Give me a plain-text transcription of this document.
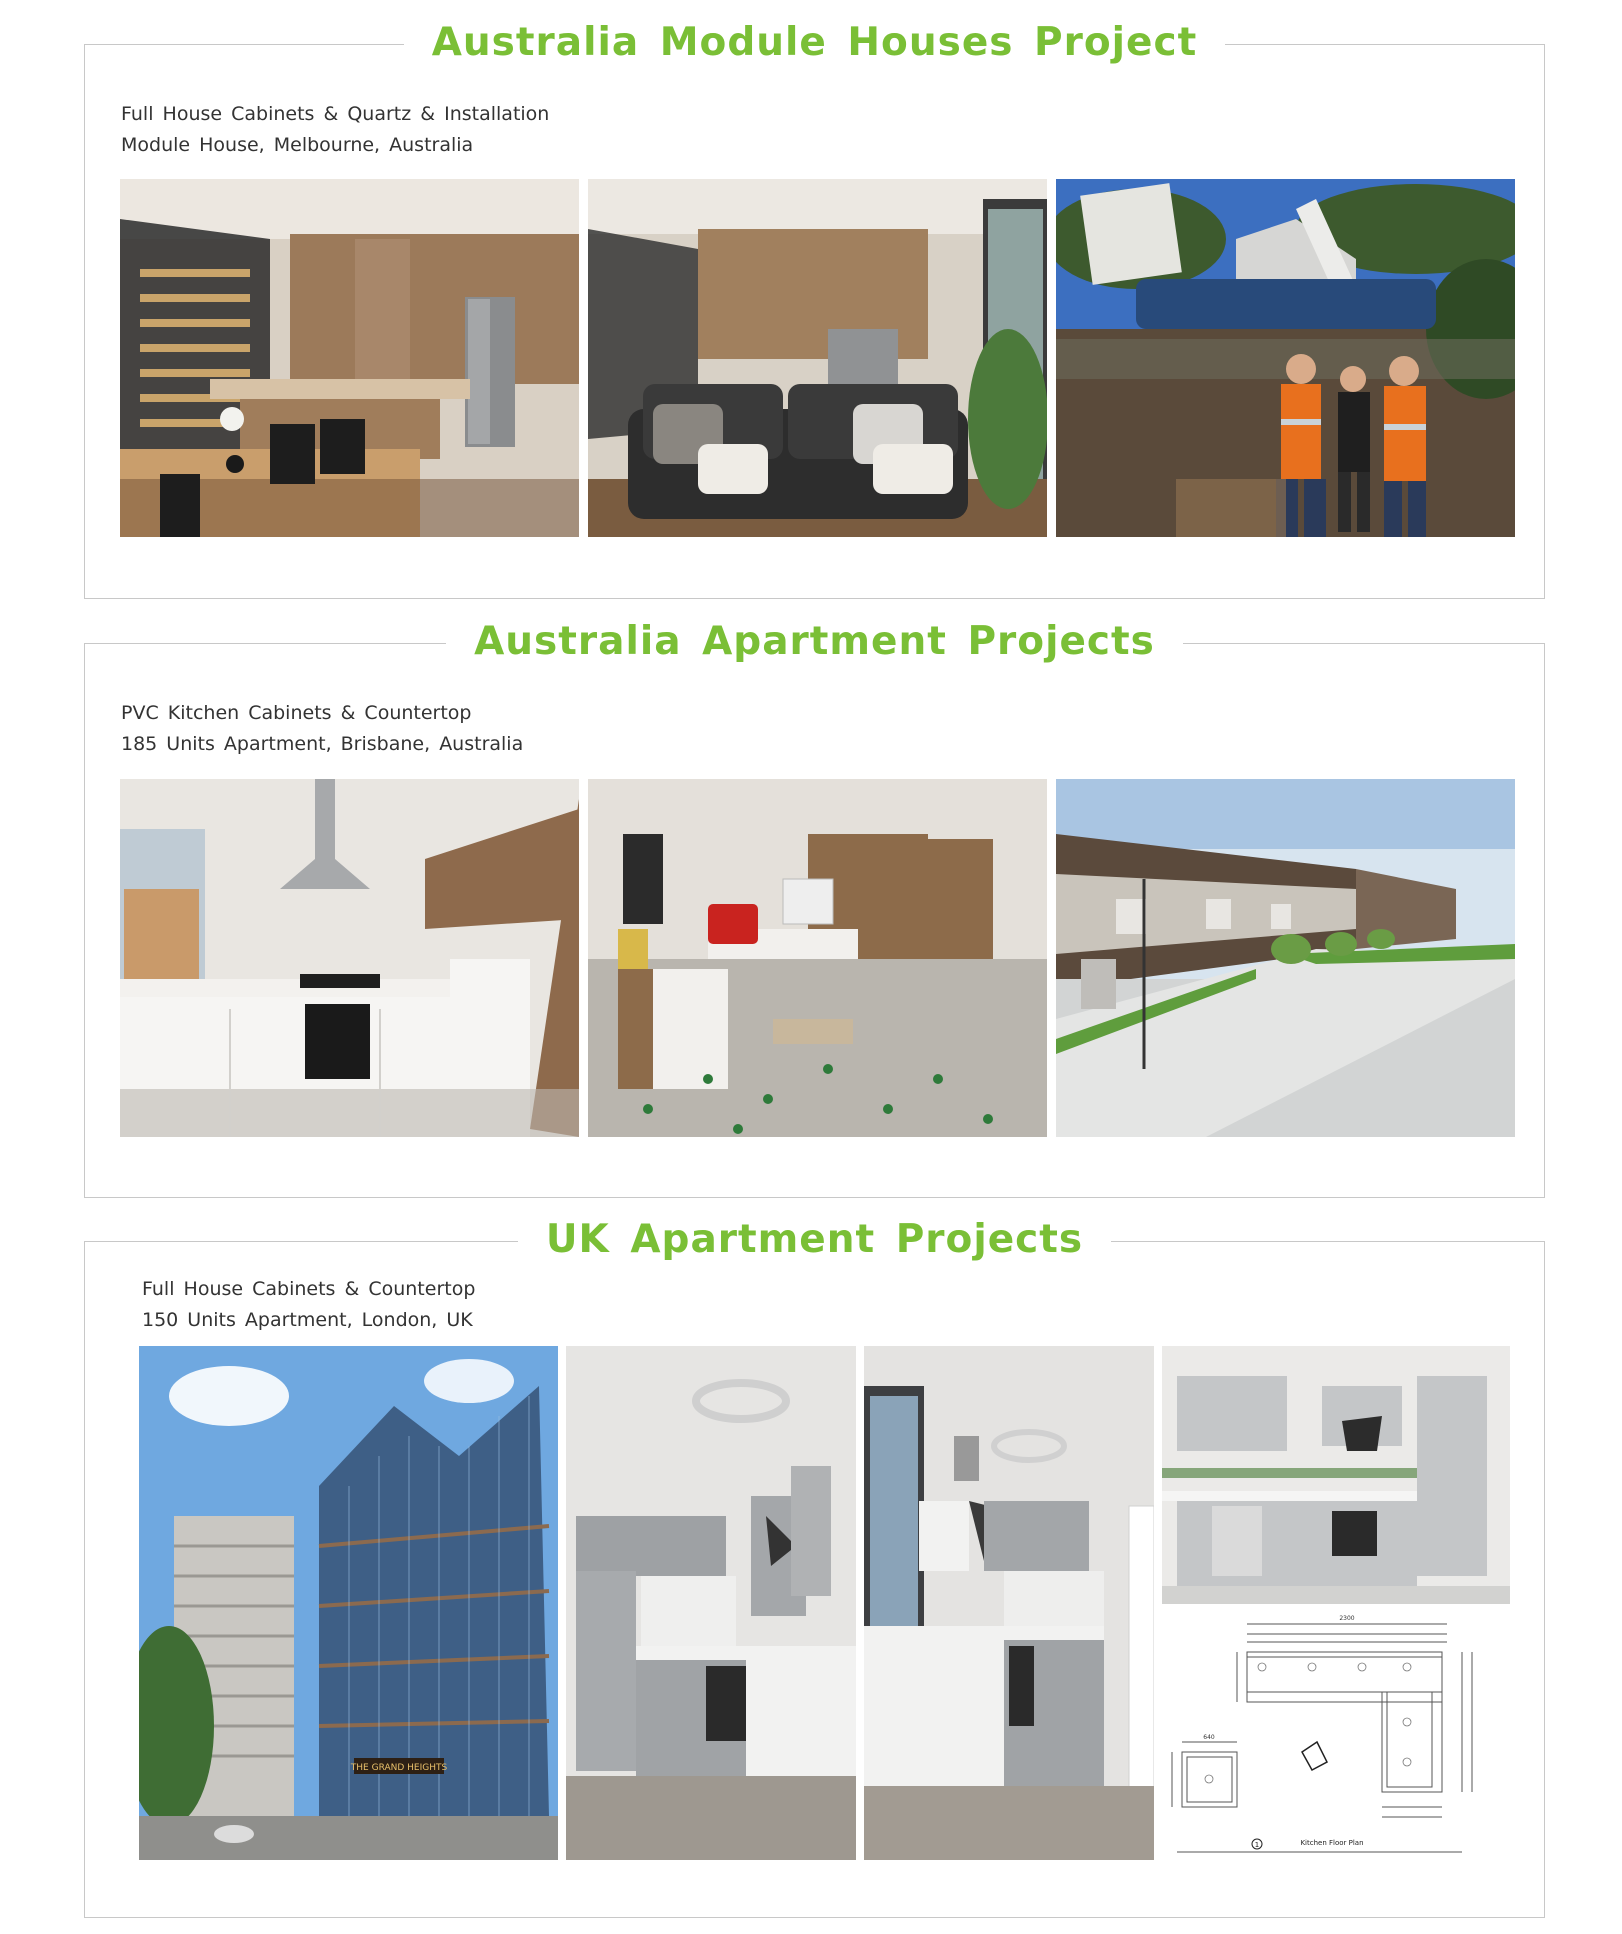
Australia Module Houses Project
Full House Cabinets & Quartz & Installation
Module House, Melbourne, Australia
Australia Apartment Projects
PVC Kitchen Cabinets & Countertop
185 Units Apartment, Brisbane, Australia
UK Apartment Projects
Full House Cabinets & Countertop
150 Units Apartment, London, UK
THE GRAND HEIGHTS
2300
640
1	Kitchen Floor Plan
